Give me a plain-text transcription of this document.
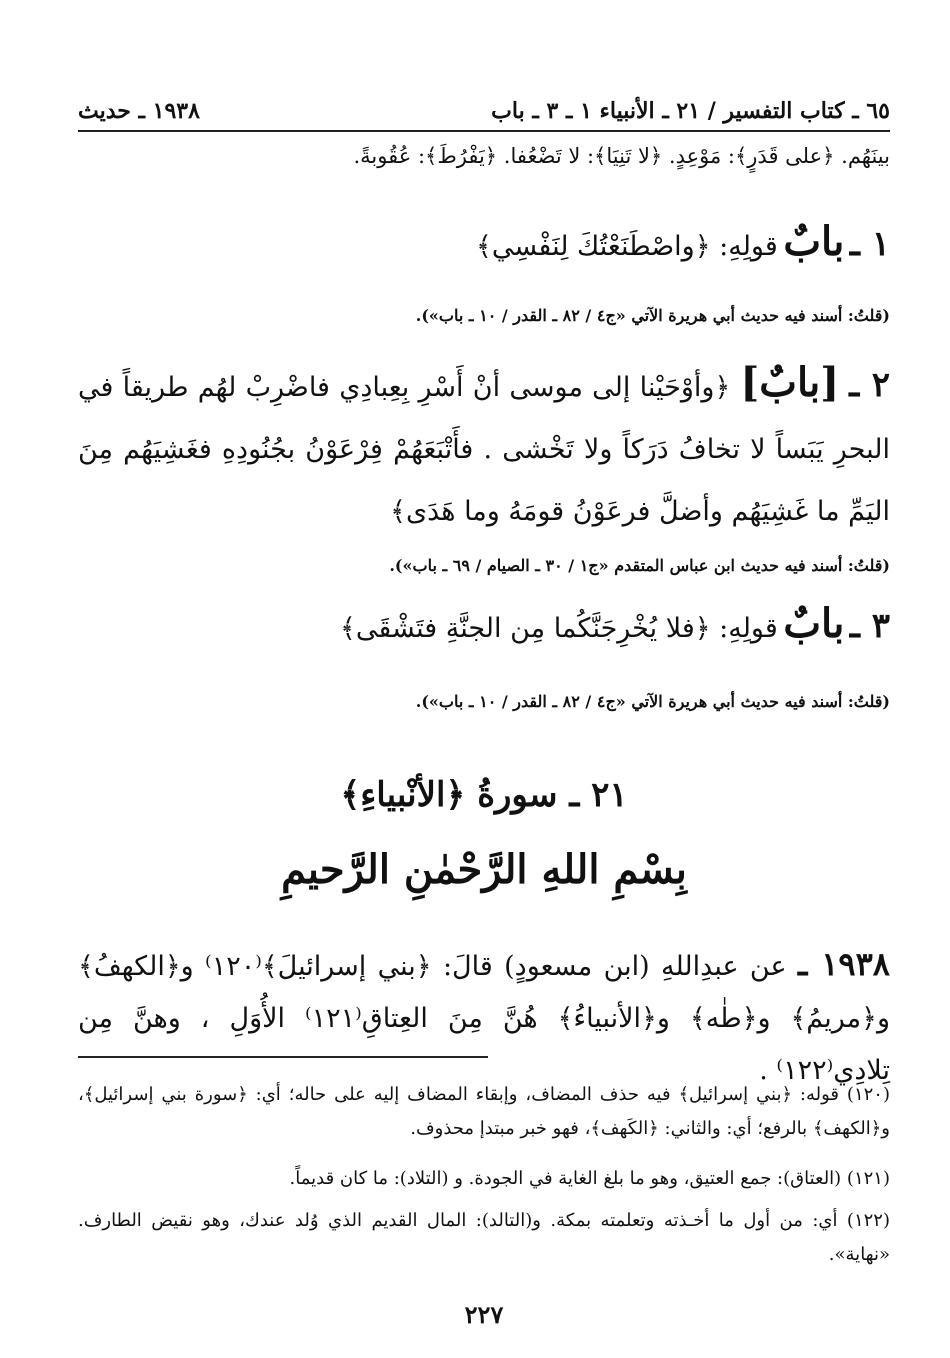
٦٥ ـ كتاب التفسير / ٢١ ـ الأنبياء ١ ـ ٣ ـ باب
١٩٣٨ ـ حديث
بينَهُم. ﴿على قَدَرٍ﴾: مَوْعِدٍ. ﴿لا تَنِيَا﴾: لا تَضْعُفا. ﴿يَفْرُطَ﴾: عُقُوبةً.
١ ـ بابٌ قولِهِ: ﴿واصْطَنَعْتُكَ لِنَفْسِي﴾
(قلتُ: أسند فيه حديث أبي هريرة الآتي «ج٤ / ٨٢ ـ القدر / ١٠ ـ باب»).
٢ ـ [بابٌ] ﴿وأوْحَيْنا إلى موسى أنْ أَسْرِ بِعِبادِي فاضْرِبْ لهُم طريقاً في البحرِ يَبَساً لا تخافُ دَرَكاً ولا تَخْشى . فأَتْبَعَهُمْ فِرْعَوْنُ بجُنُودِهِ فغَشِيَهُم مِنَ اليَمِّ ما غَشِيَهُم وأضلَّ فرعَوْنُ قومَهُ وما هَدَى﴾
(قلتُ: أسند فيه حديث ابن عباس المتقدم «ج١ / ٣٠ ـ الصيام / ٦٩ ـ باب»).
٣ ـ بابٌ قولِهِ: ﴿فلا يُخْرِجَنَّكُما مِن الجنَّةِ فتَشْقَى﴾
(قلتُ: أسند فيه حديث أبي هريرة الآتي «ج٤ / ٨٢ ـ القدر / ١٠ ـ باب»).
٢١ ـ سورةُ ﴿الأنْبياءِ﴾
بِسْمِ اللهِ الرَّحْمٰنِ الرَّحيمِ
١٩٣٨ ـ عن عبدِاللهِ (ابن مسعودٍ) قالَ: ﴿بني إسرائيلَ﴾⁽١٢٠⁾ و﴿الكهفُ﴾ و﴿مريمُ﴾ و﴿طٰه﴾ و﴿الأنبياءُ﴾ هُنَّ مِنَ العِتاقِ⁽١٢١⁾ الأُوَلِ ، وهنَّ مِن تِلادِي⁽١٢٢⁾ .
(١٢٠) قوله: ﴿بني إسرائيل﴾ فيه حذف المضاف، وإبقاء المضاف إليه على حاله؛ أي: ﴿سورة بني إسرائيل﴾، و﴿الكهف﴾ بالرفع؛ أي: والثاني: ﴿الكَهف﴾، فهو خبر مبتدإ محذوف.
(١٢١) (العتاق): جمع العتيق، وهو ما بلغ الغاية في الجودة. و (التلاد): ما كان قديماً.
(١٢٢) أي: من أول ما أخـذته وتعلمته بمكة. و(التالد): المال القديم الذي وُلد عندك، وهو نقيض الطارف. «نهاية».
٢٢٧
